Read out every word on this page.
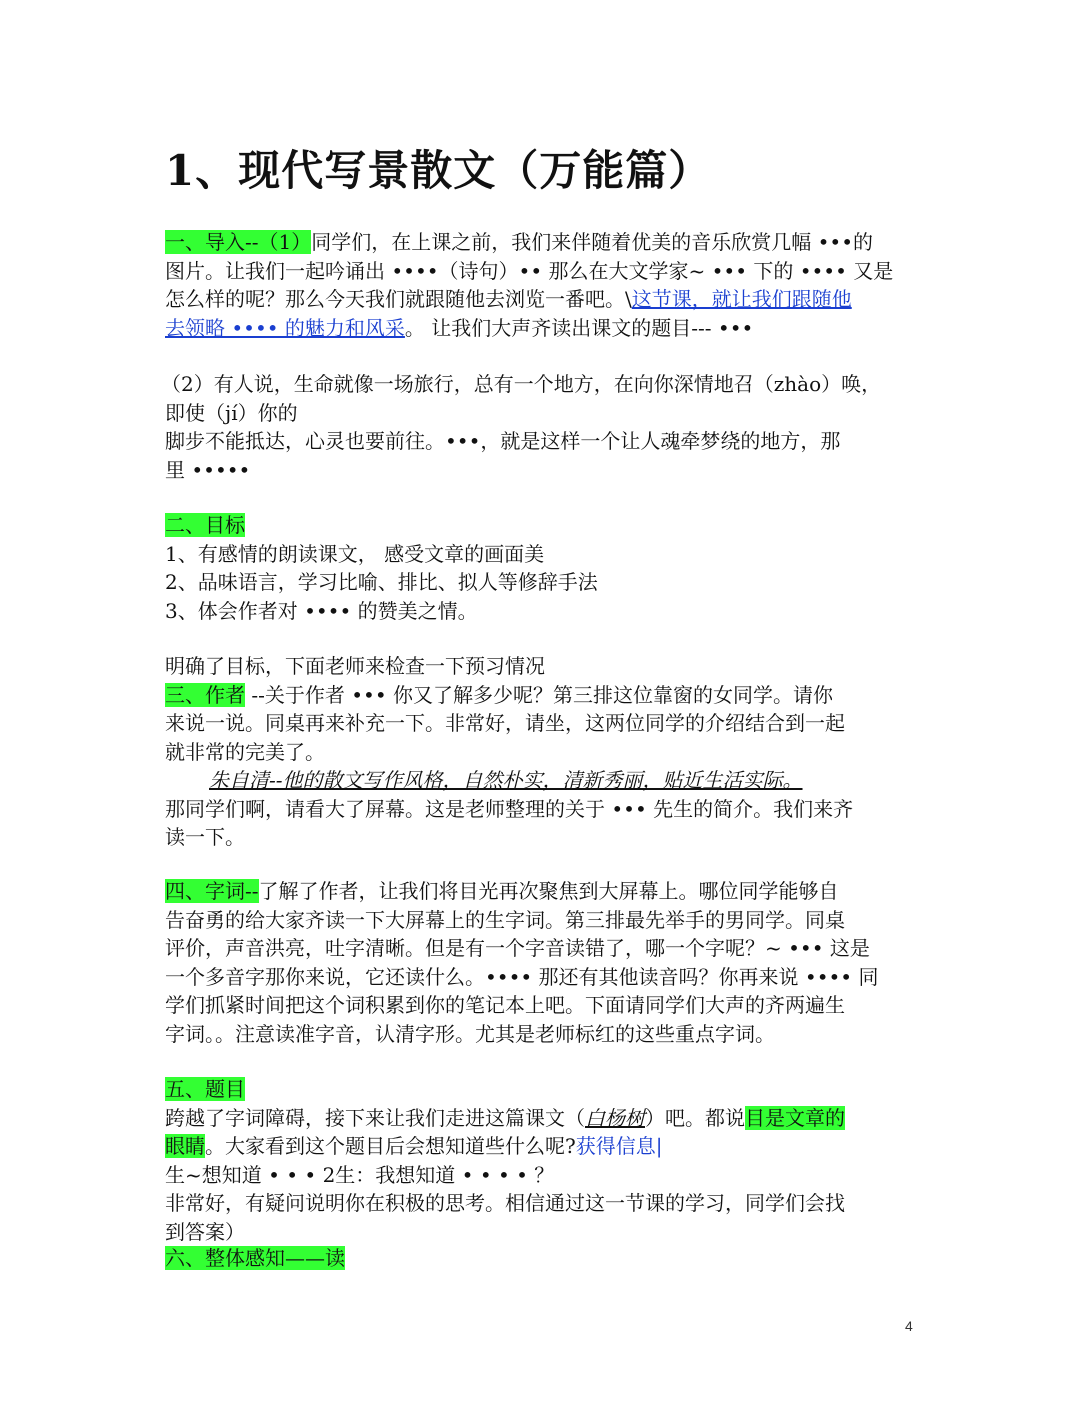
1、现代写景散文（万能篇）

一、导入--（1）同学们，在上课之前，我们来伴随着优美的音乐欣赏几幅 •••的

图片。让我们一起吟诵出 ••••（诗句）•• 那么在大文学家~ ••• 下的 •••• 又是

怎么样的呢？那么今天我们就跟随他去浏览一番吧。\这节课，就让我们跟随他

去领略 •••• 的魅力和风采。 让我们大声齐读出课文的题目--- •••

（2）有人说，生命就像一场旅行，总有一个地方，在向你深情地召（zhào）唤，

即使（jí）你的

脚步不能抵达，心灵也要前往。•••，就是这样一个让人魂牵梦绕的地方，那

里 •••••

二、目标

1、有感情的朗读课文， 感受文章的画面美

2、品味语言，学习比喻、排比、拟人等修辞手法

3、体会作者对 •••• 的赞美之情。

明确了目标，下面老师来检查一下预习情况

三、作者 --关于作者 ••• 你又了解多少呢？第三排这位靠窗的女同学。请你

来说一说。同桌再来补充一下。非常好，请坐，这两位同学的介绍结合到一起

就非常的完美了。

朱自清--他的散文写作风格，自然朴实，清新秀丽，贴近生活实际。

那同学们啊，请看大了屏幕。这是老师整理的关于 ••• 先生的简介。我们来齐

读一下。

四、字词--了解了作者，让我们将目光再次聚焦到大屏幕上。哪位同学能够自

告奋勇的给大家齐读一下大屏幕上的生字词。第三排最先举手的男同学。同桌

评价，声音洪亮，吐字清晰。但是有一个字音读错了，哪一个字呢？~ ••• 这是

一个多音字那你来说，它还读什么。•••• 那还有其他读音吗？你再来说 •••• 同

学们抓紧时间把这个词积累到你的笔记本上吧。下面请同学们大声的齐两遍生

字词。。注意读准字音，认清字形。尤其是老师标红的这些重点字词。

五、题目

跨越了字词障碍，接下来让我们走进这篇课文（白杨树）吧。都说目是文章的

眼睛。大家看到这个题目后会想知道些什么呢?获得信息|

生~想知道 • • • 2生：我想知道 • • • • ？

非常好，有疑问说明你在积极的思考。相信通过这一节课的学习，同学们会找

到答案）

六、整体感知——读

4
